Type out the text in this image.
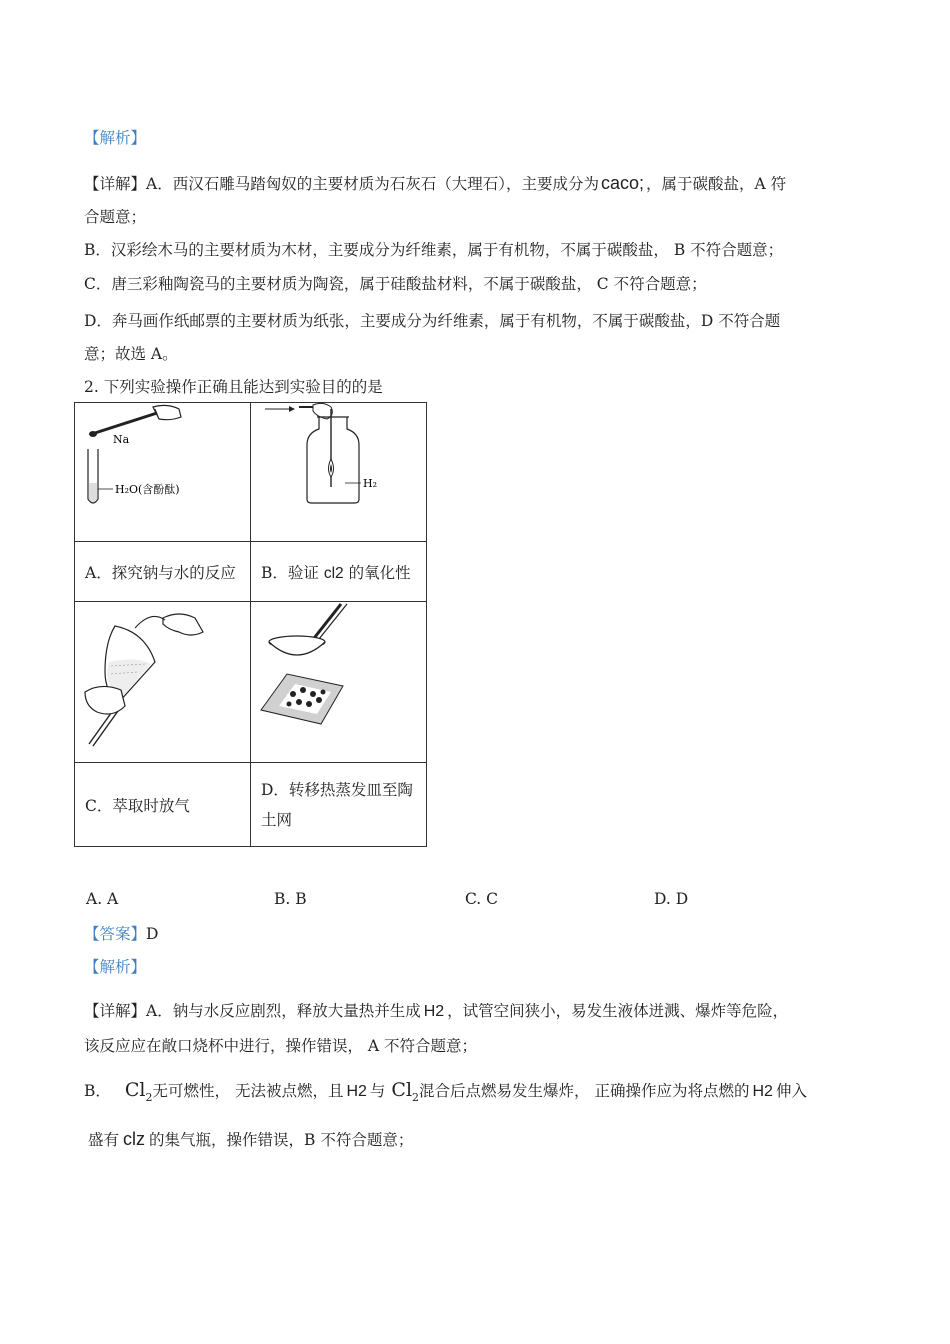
【解析】
【详解】A．西汉石雕马踏匈奴的主要材质为石灰石（大理石），主要成分为 caco; ，属于碳酸盐，A 符
合题意；
B．汉彩绘木马的主要材质为木材，主要成分为纤维素，属于有机物，不属于碳酸盐， B 不符合题意；
C．唐三彩釉陶瓷马的主要材质为陶瓷，属于硅酸盐材料，不属于碳酸盐， C 不符合题意；
D．奔马画作纸邮票的主要材质为纸张，主要成分为纤维素，属于有机物，不属于碳酸盐，D 不符合题
意；故选 A。
2. 下列实验操作正确且能达到实验目的的是
Na
H₂O(含酚酞)	H₂

A．探究钠与水的反应	B．验证 cl2 的氧化性

C．萃取时放气	D．转移热蒸发皿至陶
土网
A. A	B. B	C. C	D. D
【答案】D
【解析】
【详解】A．钠与水反应剧烈，释放大量热并生成 H2 ，试管空间狭小，易发生液体迸溅、爆炸等危险，
该反应应在敞口烧杯中进行，操作错误， A 不符合题意；
B． $Cl_2$无可燃性， 无法被点燃，且 H2 与 $Cl_2$混合后点燃易发生爆炸， 正确操作应为将点燃的 H2 伸入
盛有 clz 的集气瓶，操作错误，B 不符合题意；
